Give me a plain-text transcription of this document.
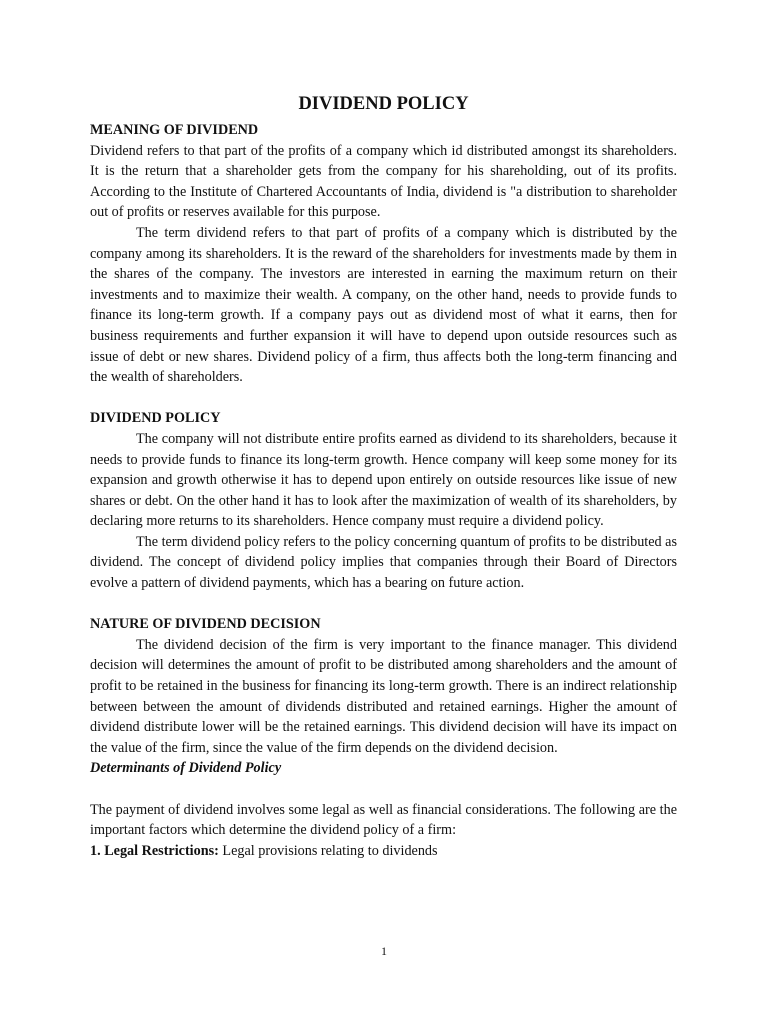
DIVIDEND POLICY
MEANING OF DIVIDEND

Dividend refers to that part of the profits of a company which id distributed amongst its shareholders. It is the return that a shareholder gets from the company for his shareholding, out of its profits. According to the Institute of Chartered Accountants of India, dividend is "a distribution to shareholder out of profits or reserves available for this purpose.

The term dividend refers to that part of profits of a company which is distributed by the company among its shareholders. It is the reward of the shareholders for investments made by them in the shares of the company. The investors are interested in earning the maximum return on their investments and to maximize their wealth. A company, on the other hand, needs to provide funds to finance its long-term growth. If a company pays out as dividend most of what it earns, then for business requirements and further expansion it will have to depend upon outside resources such as issue of debt or new shares. Dividend policy of a firm, thus affects both the long-term financing and the wealth of shareholders.

DIVIDEND POLICY

The company will not distribute entire profits earned as dividend to its shareholders, because it needs to provide funds to finance its long-term growth. Hence company will keep some money for its expansion and growth otherwise it has to depend upon entirely on outside resources like issue of new shares or debt. On the other hand it has to look after the maximization of wealth of its shareholders, by declaring more returns to its shareholders. Hence company must require a dividend policy.

The term dividend policy refers to the policy concerning quantum of profits to be distributed as dividend. The concept of dividend policy implies that companies through their Board of Directors evolve a pattern of dividend payments, which has a bearing on future action.

NATURE OF DIVIDEND DECISION

The dividend decision of the firm is very important to the finance manager. This dividend decision will determines the amount of profit to be distributed among shareholders and the amount of profit to be retained in the business for financing its long-term growth. There is an indirect relationship between between the amount of dividends distributed and retained earnings. Higher the amount of dividend distribute lower will be the retained earnings. This dividend decision will have its impact on the value of the firm, since the value of the firm depends on the dividend decision.

Determinants of Dividend Policy

The payment of dividend involves some legal as well as financial considerations. The following are the important factors which determine the dividend policy of a firm:

1. Legal Restrictions: Legal provisions relating to dividends

1
